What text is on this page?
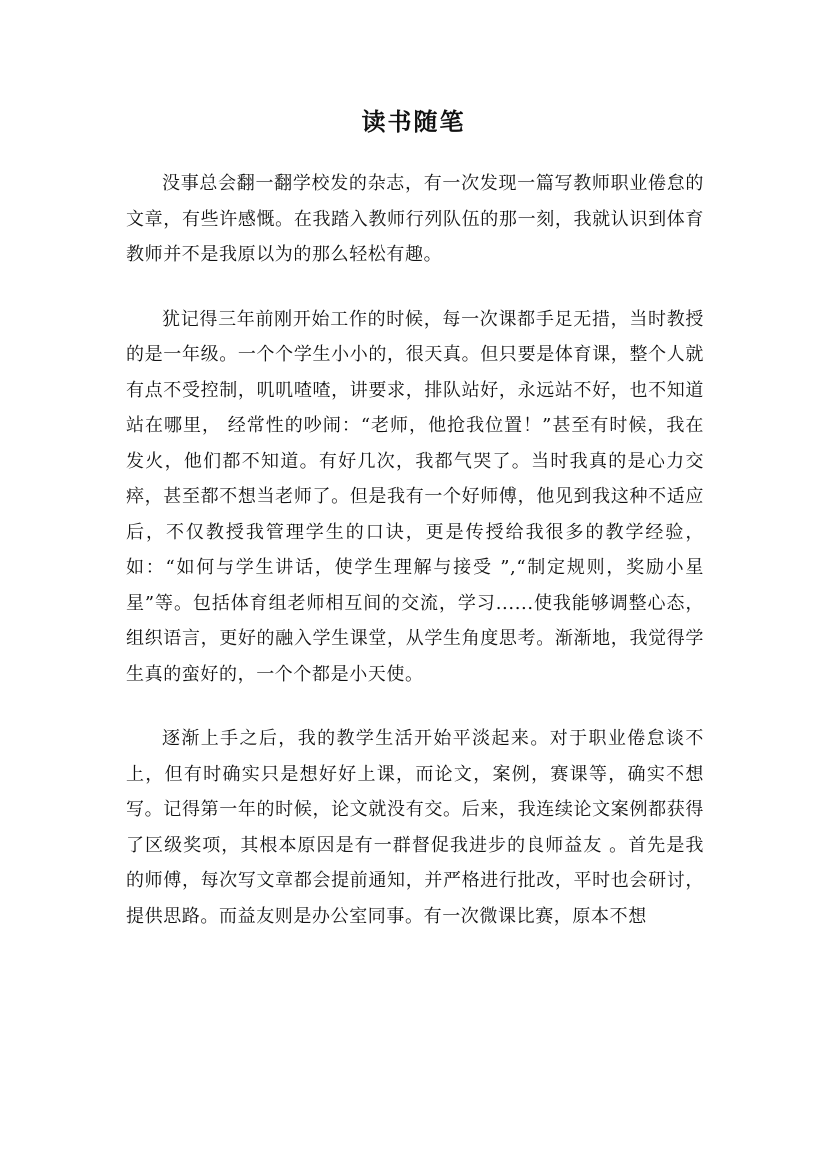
读书随笔

没事总会翻一翻学校发的杂志，有一次发现一篇写教师职业倦怠的文章，有些许感慨。在我踏入教师行列队伍的那一刻，我就认识到体育教师并不是我原以为的那么轻松有趣。

犹记得三年前刚开始工作的时候，每一次课都手足无措，当时教授的是一年级。一个个学生小小的，很天真。但只要是体育课，整个人就有点不受控制，叽叽喳喳，讲要求，排队站好，永远站不好，也不知道站在哪里， 经常性的吵闹：“老师，他抢我位置！”甚至有时候，我在发火，他们都不知道。有好几次，我都气哭了。当时我真的是心力交瘁，甚至都不想当老师了。但是我有一个好师傅，他见到我这种不适应后，不仅教授我管理学生的口诀，更是传授给我很多的教学经验，如：“如何与学生讲话，使学生理解与接受 ”,“制定规则，奖励小星星”等。包括体育组老师相互间的交流，学习......使我能够调整心态，组织语言，更好的融入学生课堂，从学生角度思考。渐渐地，我觉得学生真的蛮好的，一个个都是小天使。

逐渐上手之后，我的教学生活开始平淡起来。对于职业倦怠谈不上，但有时确实只是想好好上课，而论文，案例，赛课等，确实不想写。记得第一年的时候，论文就没有交。后来，我连续论文案例都获得了区级奖项，其根本原因是有一群督促我进步的良师益友 。首先是我的师傅，每次写文章都会提前通知，并严格进行批改，平时也会研讨，提供思路。而益友则是办公室同事。有一次微课比赛，原本不想
